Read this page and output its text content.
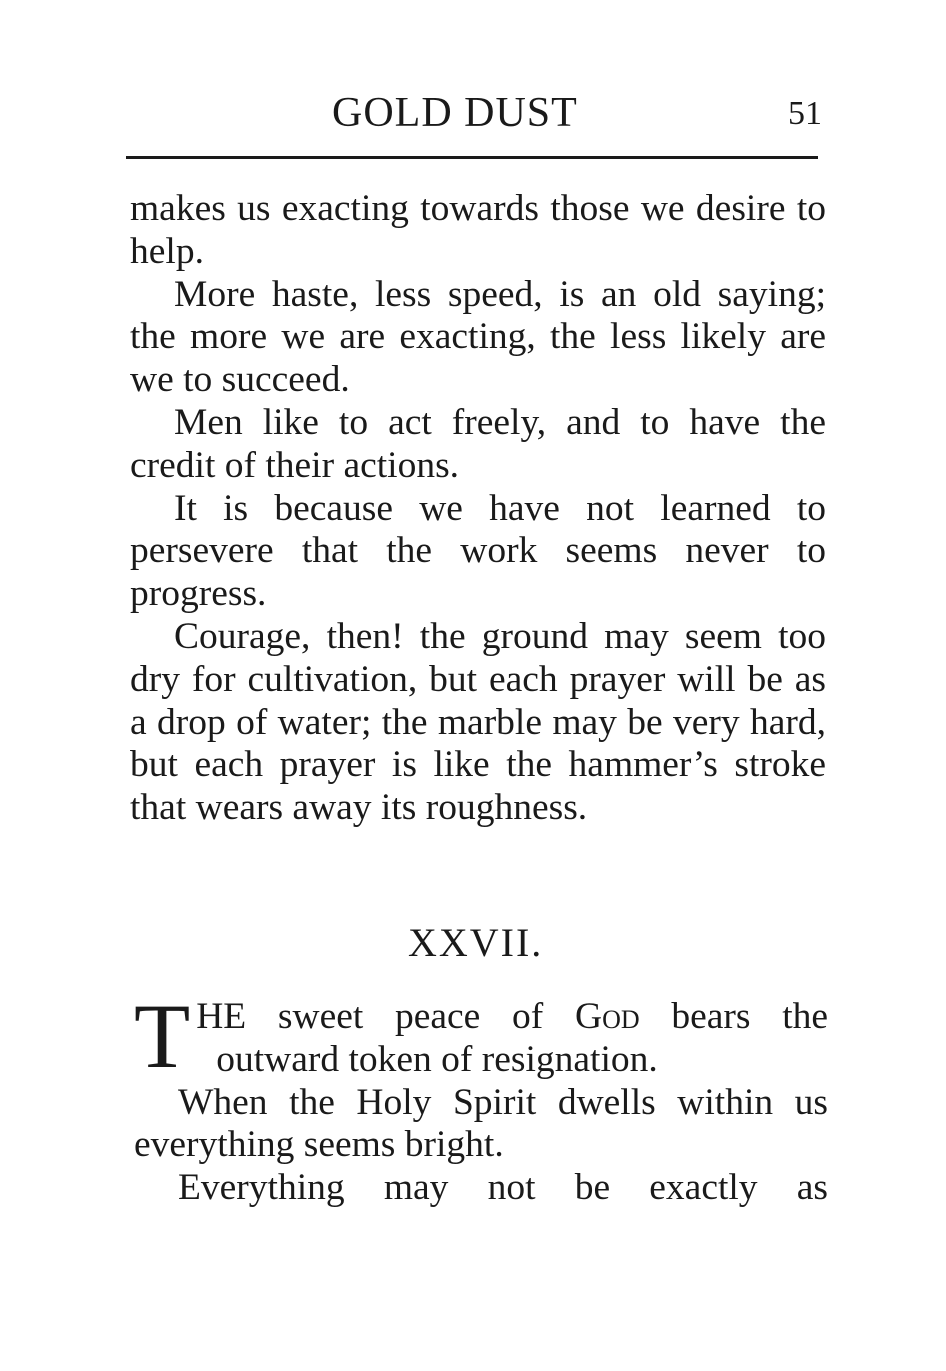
GOLD DUST	51

makes us exacting towards those we desire to help.

More haste, less speed, is an old saying; the more we are exacting, the less likely are we to succeed.

Men like to act freely, and to have the credit of their actions.

It is because we have not learned to persevere that the work seems never to progress.

Courage, then! the ground may seem too dry for cultivation, but each prayer will be as a drop of water; the marble may be very hard, but each prayer is like the hammer’s stroke that wears away its roughness.

XXVII.
T HE sweet peace of God bears the
outward token of resignation.

When the Holy Spirit dwells within us everything seems bright.

Everything may not be exactly as
